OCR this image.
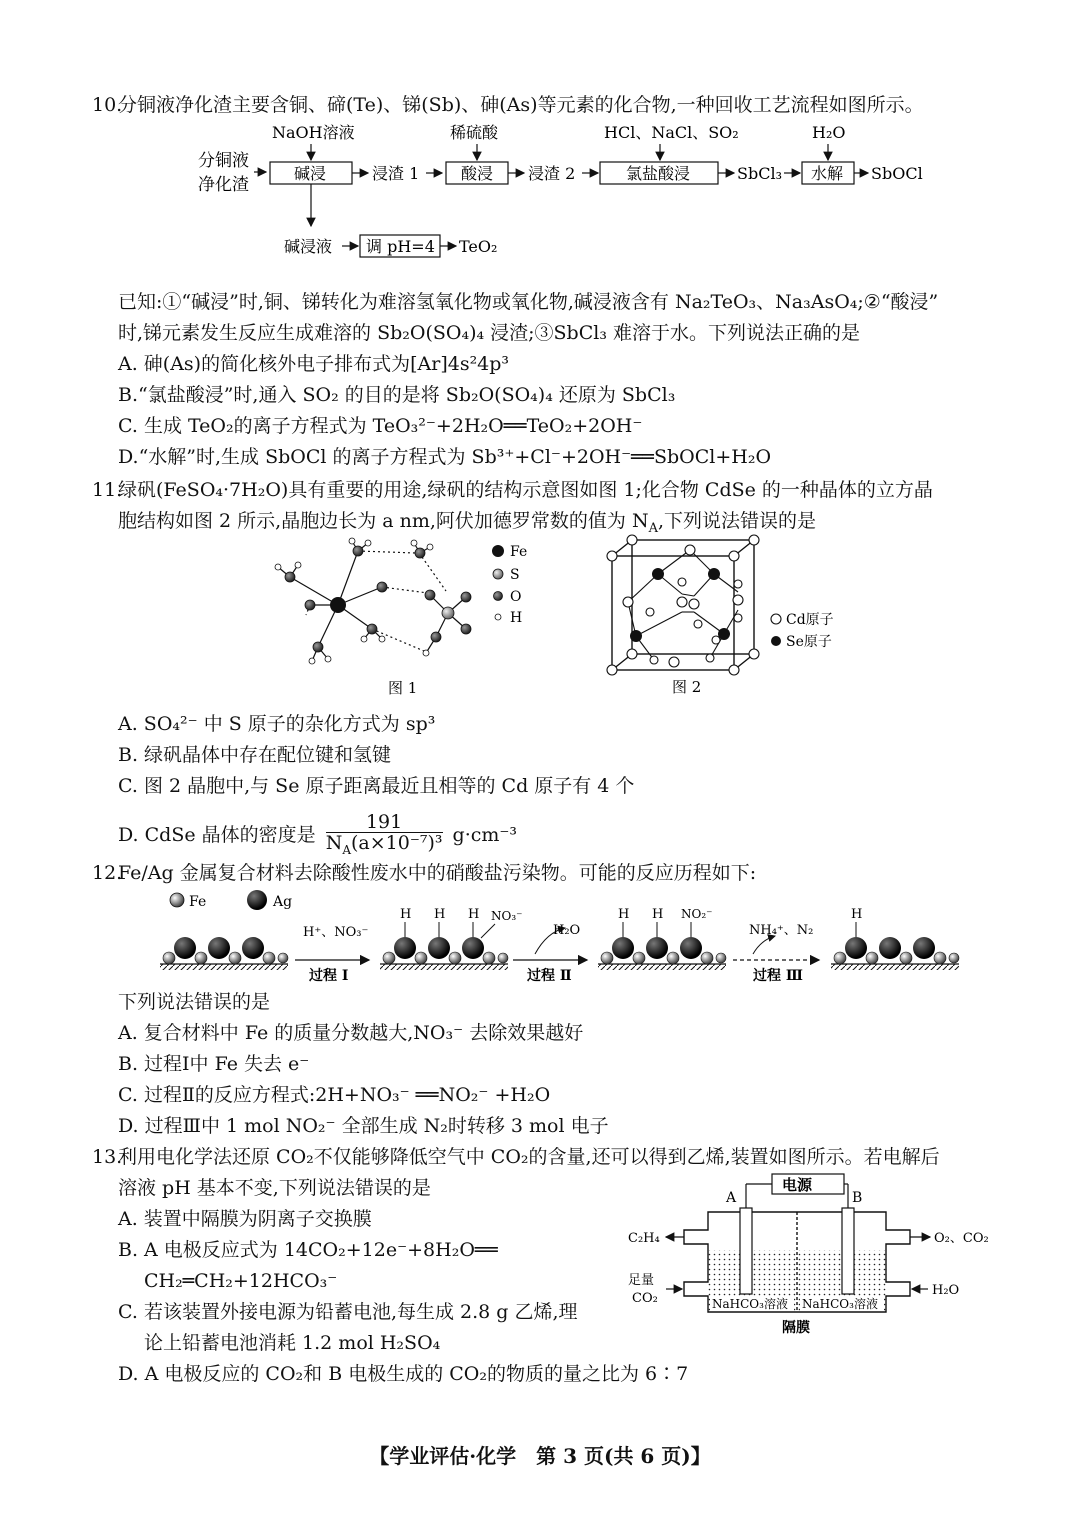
10.
分铜液净化渣主要含铜、碲(Te)、锑(Sb)、砷(As)等元素的化合物,一种回收工艺流程如图所示。
分铜液
净化渣
NaOH溶液
碱浸	浸渣 1
稀硫酸
酸浸 浸渣 2
HCl、NaCl、SO₂
氯盐酸浸	SbCl₃
H₂O
水解 SbOCl
碱浸液 调 pH=4 TeO₂
已知:①“碱浸”时,铜、锑转化为难溶氢氧化物或氧化物,碱浸液含有 Na₂TeO₃、Na₃AsO₄;②“酸浸”
时,锑元素发生反应生成难溶的 Sb₂O(SO₄)₄ 浸渣;③SbCl₃ 难溶于水。下列说法正确的是
A. 砷(As)的简化核外电子排布式为[Ar]4s²4p³
B.“氯盐酸浸”时,通入 SO₂ 的目的是将 Sb₂O(SO₄)₄ 还原为 SbCl₃
C. 生成 TeO₂的离子方程式为 TeO₃²⁻+2H₂O══TeO₂+2OH⁻
D.“水解”时,生成 SbOCl 的离子方程式为 Sb³⁺+Cl⁻+2OH⁻══SbOCl+H₂O
11.
绿矾(FeSO₄·7H₂O)具有重要的用途,绿矾的结构示意图如图 1;化合物 CdSe 的一种晶体的立方晶
胞结构如图 2 所示,晶胞边长为 a nm,阿伏加德罗常数的值为 $N_A$,下列说法错误的是
Fe
S
O
H
图 1
Cd原子
Se原子
图 2
A. SO₄²⁻ 中 S 原子的杂化方式为 sp³
B. 绿矾晶体中存在配位键和氢键
C. 图 2 晶胞中,与 Se 原子距离最近且相等的 Cd 原子有 4 个
D. CdSe 晶体的密度是 $\frac{191}{N_A(a\times 10^{-7})^3} g\cdot cm^{-3}$
12.
Fe/Ag 金属复合材料去除酸性废水中的硝酸盐污染物。可能的反应历程如下:
Fe	Ag
H⁺、NO₃⁻
过程 Ⅰ
H H H NO₃⁻
H₂O
过程 Ⅱ
H H NO₂⁻
NH₄⁺、N₂
过程 Ⅲ
H
下列说法错误的是
A. 复合材料中 Fe 的质量分数越大,NO₃⁻ 去除效果越好
B. 过程Ⅰ中 Fe 失去 e⁻
C. 过程Ⅱ的反应方程式:2H+NO₃⁻ ══NO₂⁻ +H₂O
D. 过程Ⅲ中 1 mol NO₂⁻ 全部生成 N₂时转移 3 mol 电子
13.
利用电化学法还原 CO₂不仅能够降低空气中 CO₂的含量,还可以得到乙烯,装置如图所示。若电解后
溶液 pH 基本不变,下列说法错误的是
A. 装置中隔膜为阴离子交换膜
B. A 电极反应式为 14CO₂+12e⁻+8H₂O══
CH₂═CH₂+12HCO₃⁻
C. 若该装置外接电源为铅蓄电池,每生成 2.8 g 乙烯,理
论上铅蓄电池消耗 1.2 mol H₂SO₄
D. A 电极反应的 CO₂和 B 电极生成的 CO₂的物质的量之比为 6∶7
电源
A	B
C₂H₄	O₂、CO₂
足量
CO₂
H₂O
NaHCO₃溶液 NaHCO₃溶液
隔膜
【学业评估·化学　第 3 页(共 6 页)】
